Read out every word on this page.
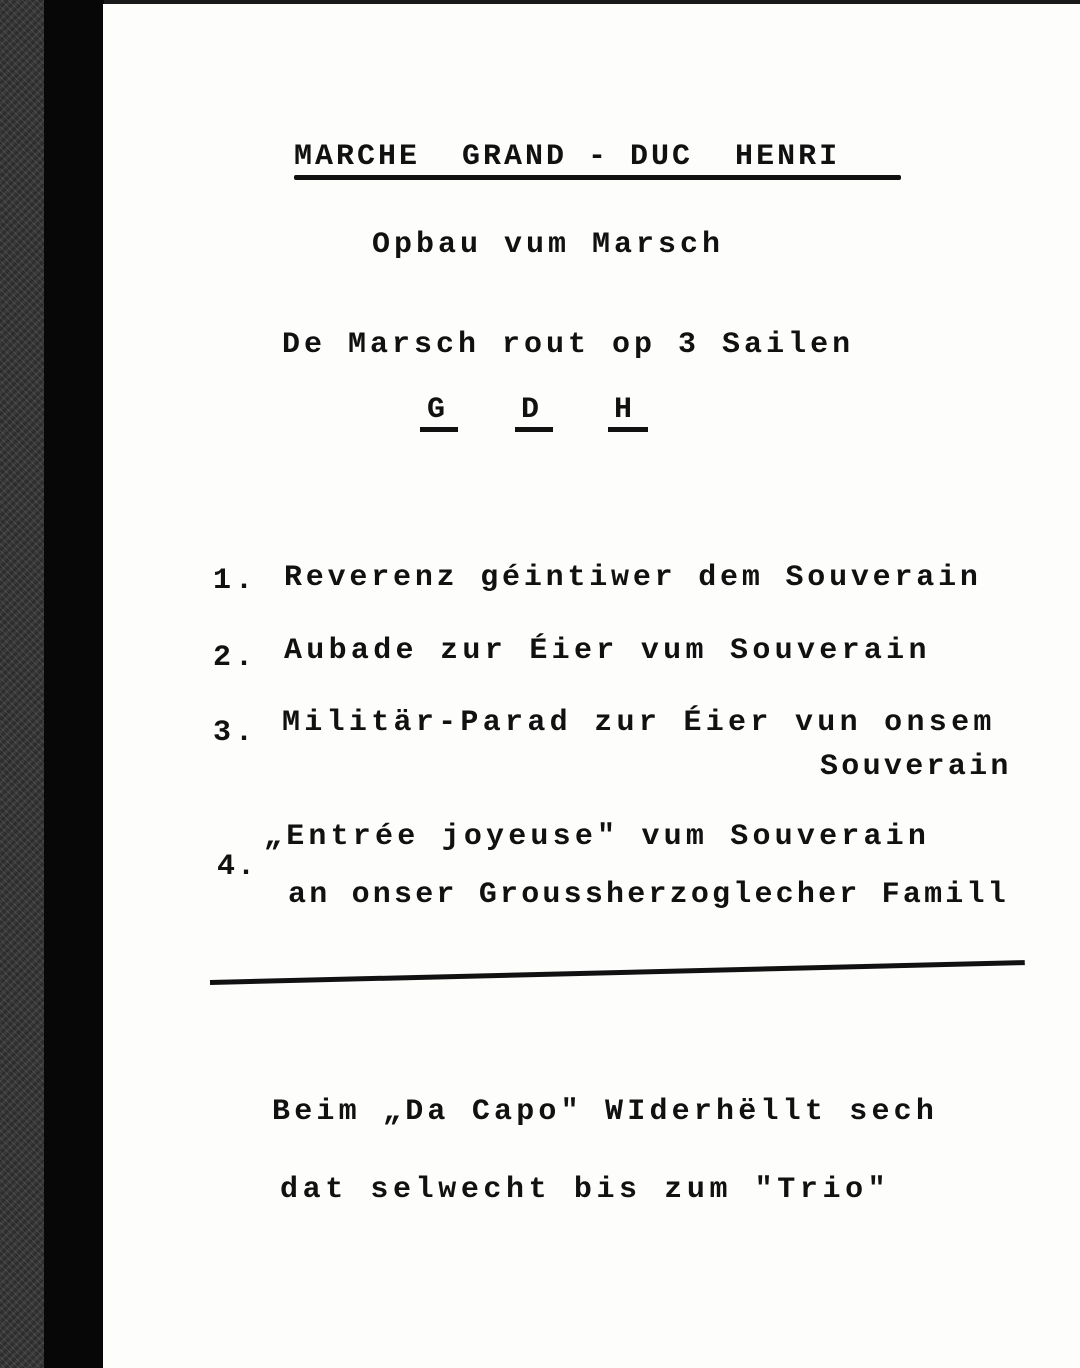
MARCHE  GRAND - DUC  HENRI
Opbau vum Marsch
De Marsch rout op 3 Sailen
G D H
1. Reverenz géintiwer dem Souverain
2. Aubade zur Éier vum Souverain
3. Militär-Parad zur Éier vun onsem
Souverain
4.
„Entrée joyeuse" vum Souverain
an onser Groussherzoglecher Famill
Beim „Da Capo" WIderhëllt sech
dat selwecht bis zum "Trio"
